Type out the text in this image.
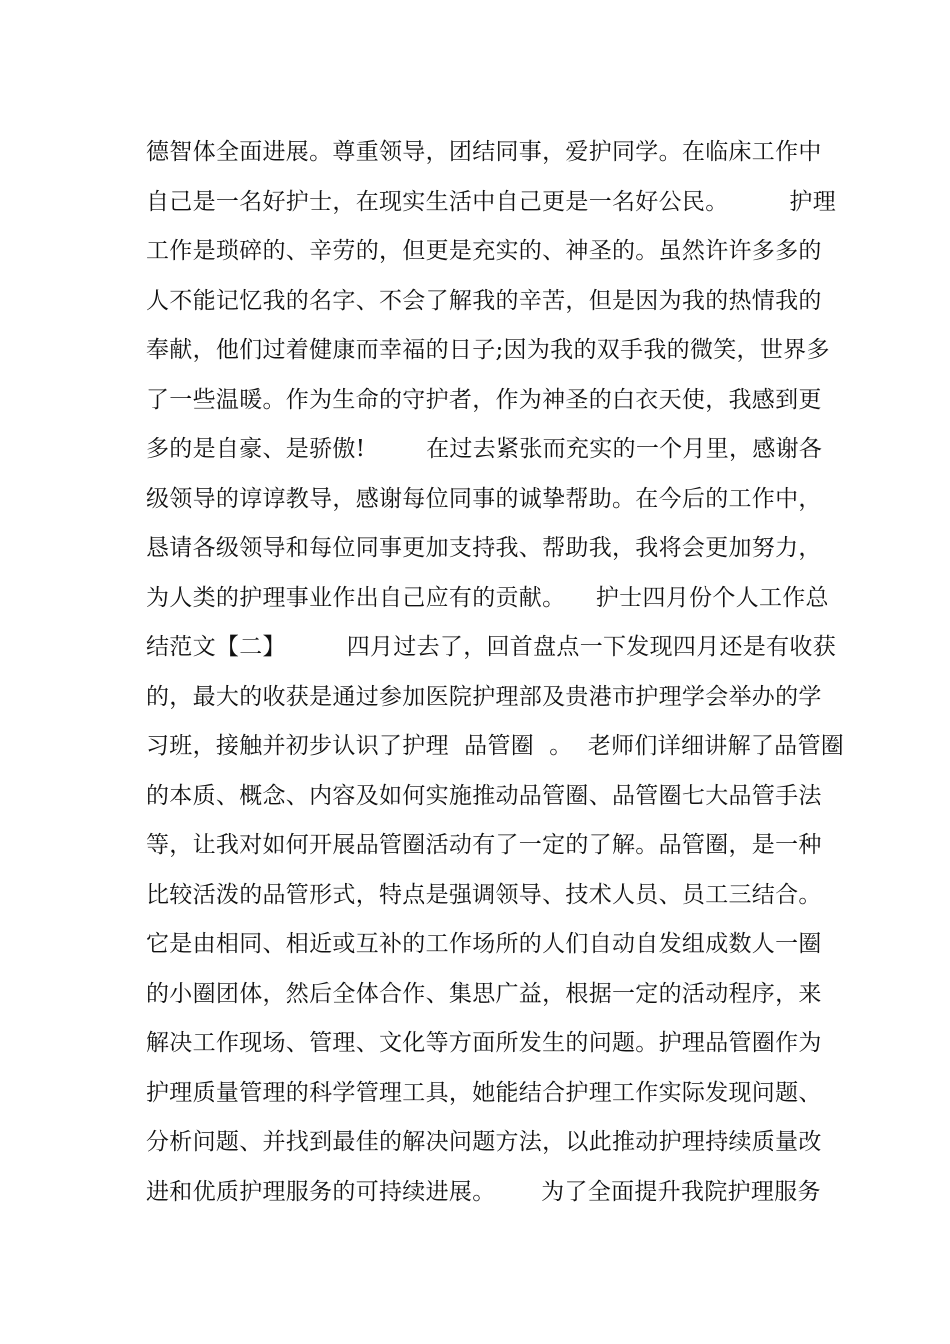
德智体全面进展。尊重领导，团结同事，爱护同学。在临床工作中
自己是一名好护士，在现实生活中自己更是一名好公民。        护理
工作是琐碎的、辛劳的，但更是充实的、神圣的。虽然许许多多的
人不能记忆我的名字、不会了解我的辛苦，但是因为我的热情我的
奉献，他们过着健康而幸福的日子;因为我的双手我的微笑，世界多
了一些温暖。作为生命的守护者，作为神圣的白衣天使，我感到更
多的是自豪、是骄傲!        在过去紧张而充实的一个月里，感谢各
级领导的谆谆教导，感谢每位同事的诚挚帮助。在今后的工作中，
恳请各级领导和每位同事更加支持我、帮助我，我将会更加努力，
为人类的护理事业作出自己应有的贡献。    护士四月份个人工作总
结范文【二】        四月过去了，回首盘点一下发现四月还是有收获
的，最大的收获是通过参加医院护理部及贵港市护理学会举办的学
习班，接触并初步认识了护理  品管圈  。  老师们详细讲解了品管圈
的本质、概念、内容及如何实施推动品管圈、品管圈七大品管手法
等，让我对如何开展品管圈活动有了一定的了解。品管圈，是一种
比较活泼的品管形式，特点是强调领导、技术人员、员工三结合。
它是由相同、相近或互补的工作场所的人们自动自发组成数人一圈
的小圈团体，然后全体合作、集思广益，根据一定的活动程序，来
解决工作现场、管理、文化等方面所发生的问题。护理品管圈作为
护理质量管理的科学管理工具，她能结合护理工作实际发现问题、
分析问题、并找到最佳的解决问题方法，以此推动护理持续质量改
进和优质护理服务的可持续进展。      为了全面提升我院护理服务
